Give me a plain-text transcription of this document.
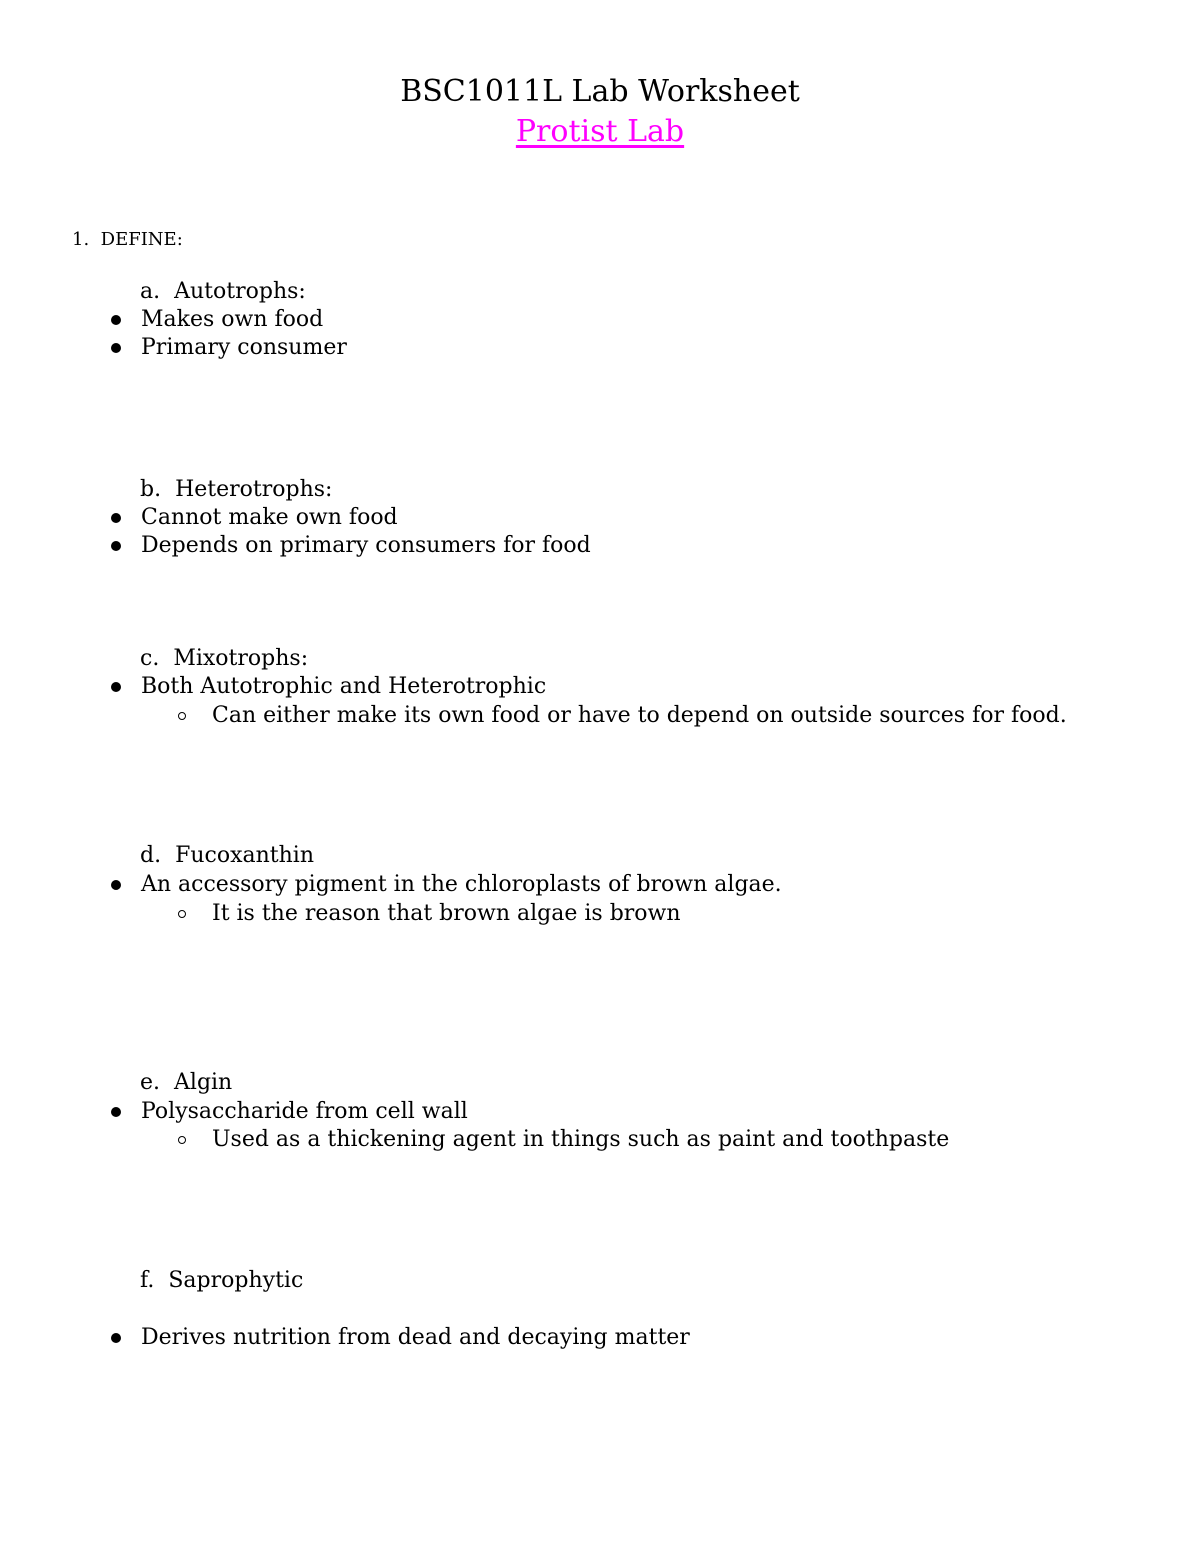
BSC1011L Lab Worksheet
Protist Lab
1. DEFINE:
a. Autotrophs:
Makes own food
Primary consumer
b. Heterotrophs:
Cannot make own food
Depends on primary consumers for food
c. Mixotrophs:
Both Autotrophic and Heterotrophic
Can either make its own food or have to depend on outside sources for food.
d. Fucoxanthin
An accessory pigment in the chloroplasts of brown algae.
It is the reason that brown algae is brown
e. Algin
Polysaccharide from cell wall
Used as a thickening agent in things such as paint and toothpaste
f. Saprophytic
Derives nutrition from dead and decaying matter
